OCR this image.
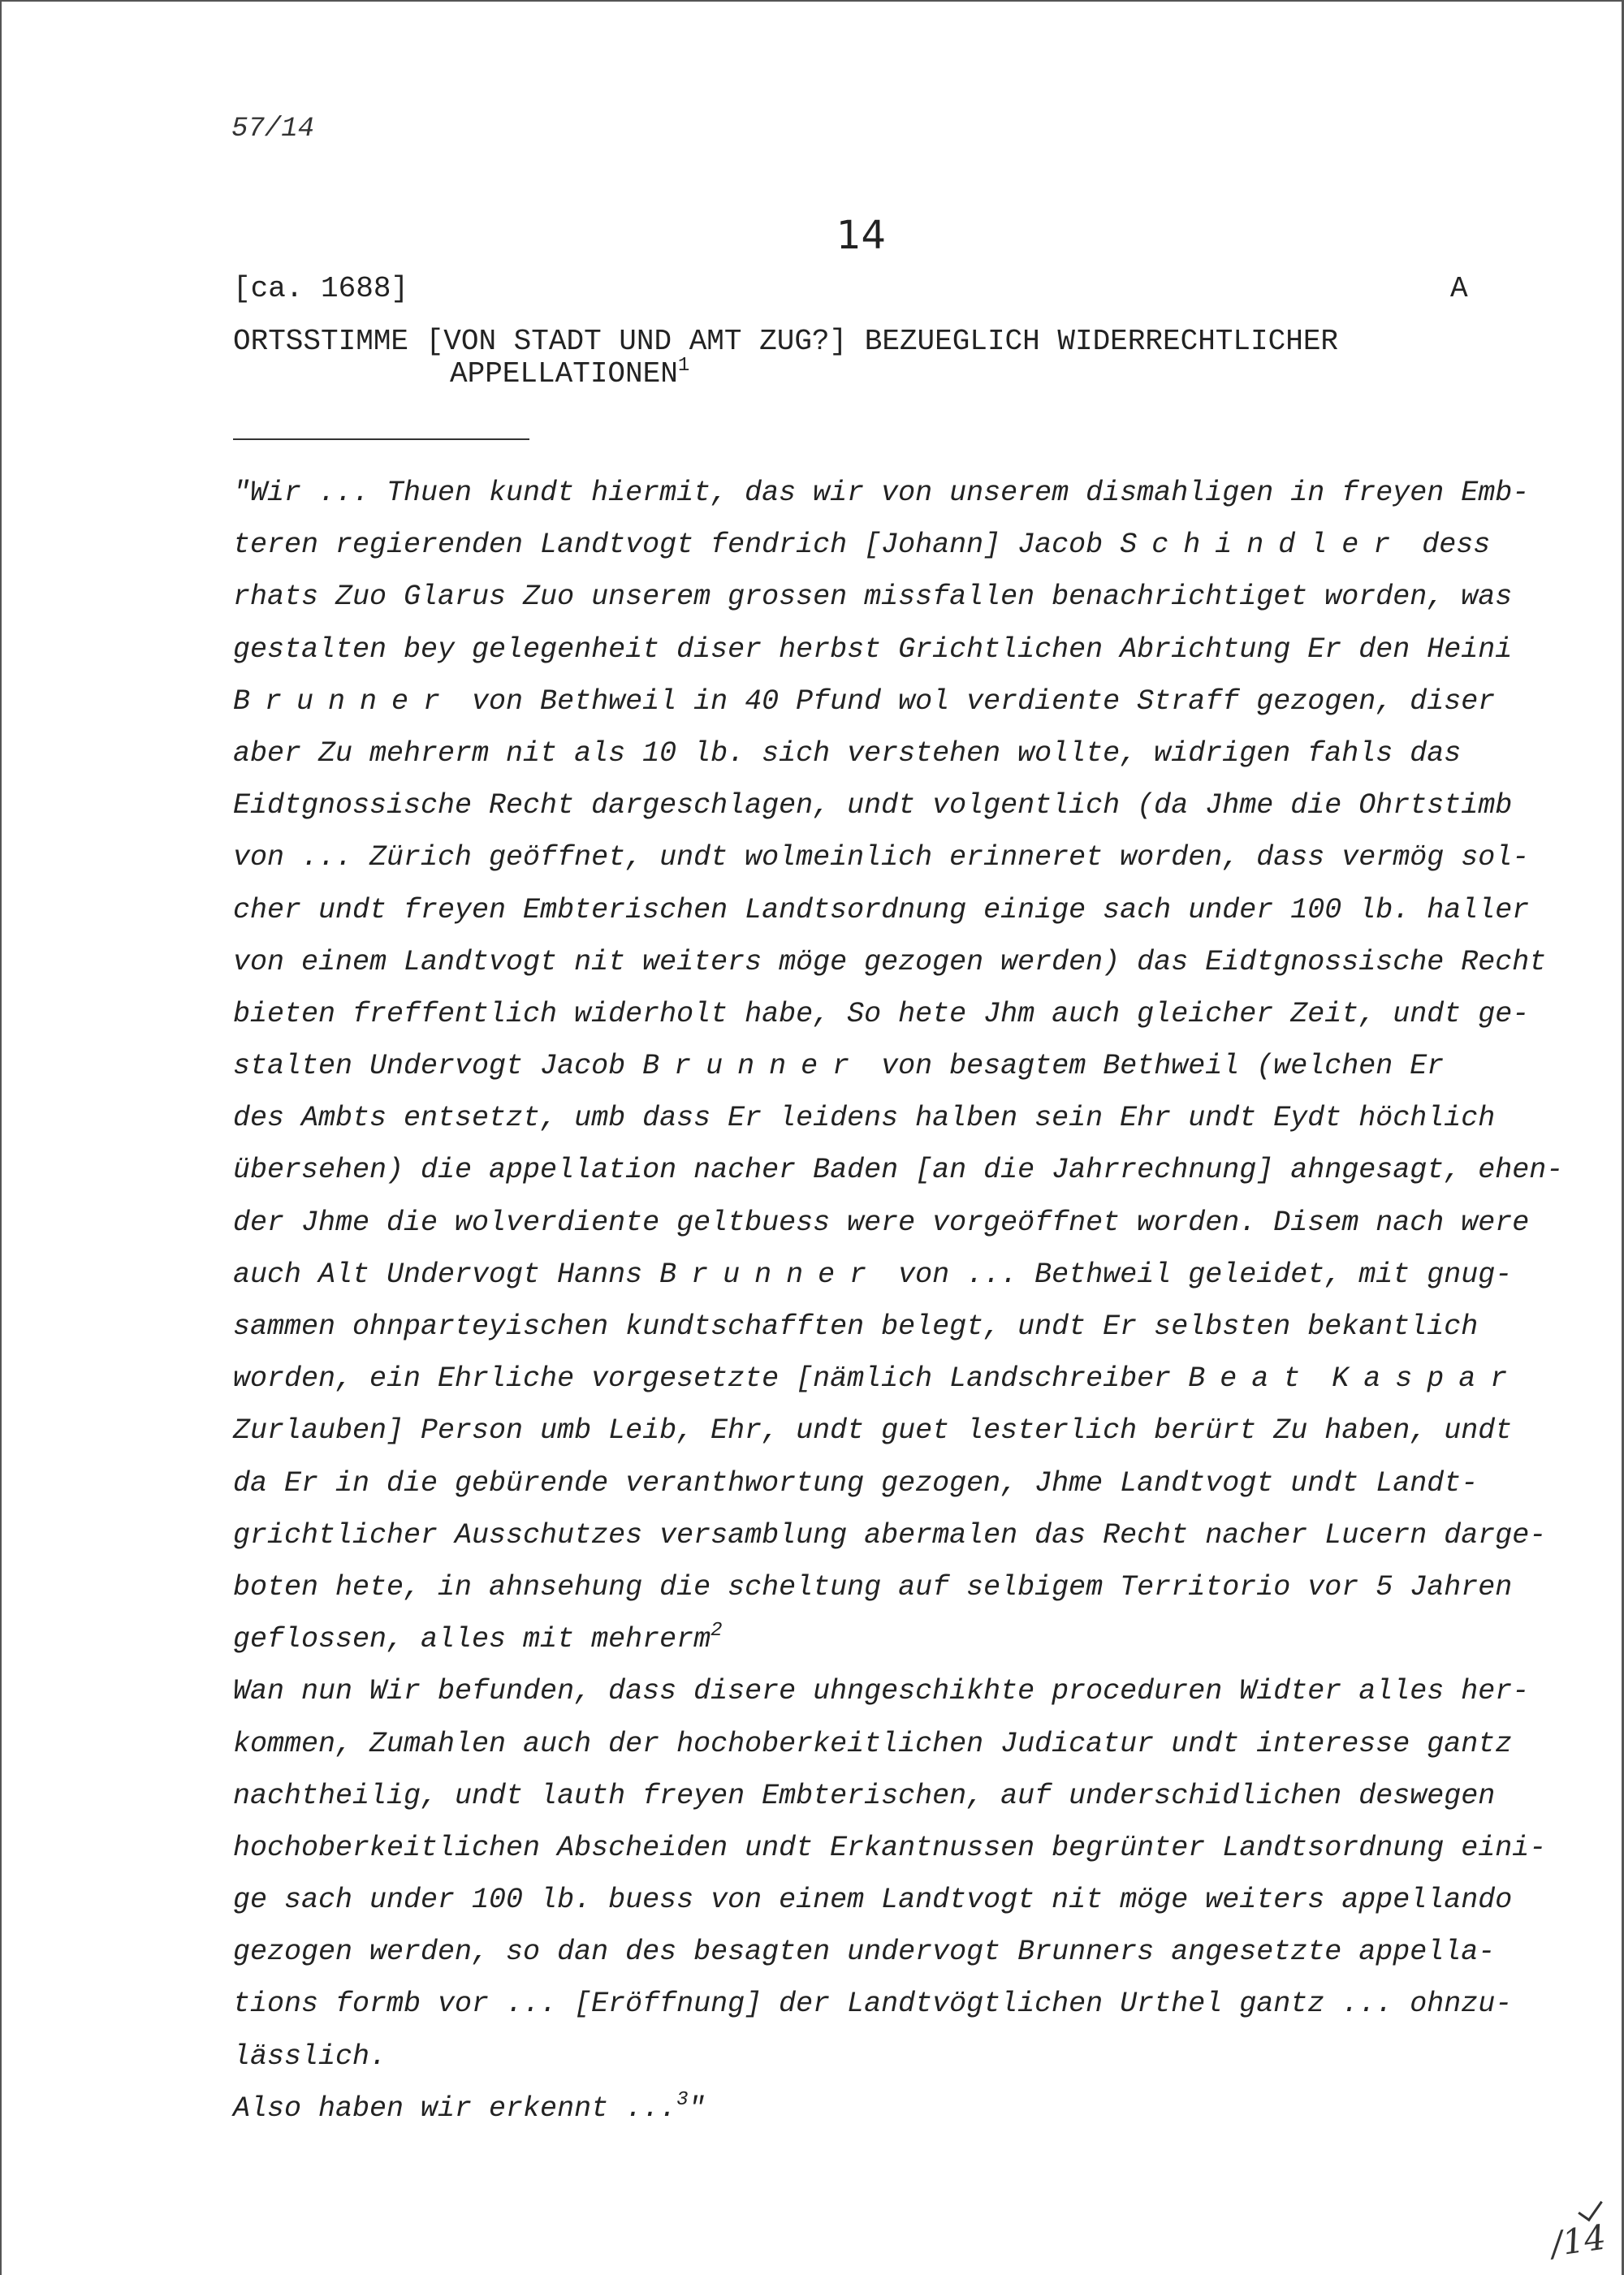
57/14
14
[ca. 1688]	A
ORTSSTIMME [VON STADT UND AMT ZUG?] BEZUEGLICH WIDERRECHTLICHER
APPELLATIONEN$^1$
"Wir ... Thuen kundt hiermit, das wir von unserem dismahligen in freyen Emb-
teren regierenden Landtvogt fendrich [Johann] Jacob Schindler dess
rhats Zuo Glarus Zuo unserem grossen missfallen benachrichtiget worden, was
gestalten bey gelegenheit diser herbst Grichtlichen Abrichtung Er den Heini
Brunner von Bethweil in 40 Pfund wol verdiente Straff gezogen, diser
aber Zu mehrerm nit als 10 lb. sich verstehen wollte, widrigen fahls das
Eidtgnossische Recht dargeschlagen, undt volgentlich (da Jhme die Ohrtstimb
von ... Zürich geöffnet, undt wolmeinlich erinneret worden, dass vermög sol-
cher undt freyen Embterischen Landtsordnung einige sach under 100 lb. haller
von einem Landtvogt nit weiters möge gezogen werden) das Eidtgnossische Recht
bieten freffentlich widerholt habe, So hete Jhm auch gleicher Zeit, undt ge-
stalten Undervogt Jacob Brunner von besagtem Bethweil (welchen Er
des Ambts entsetzt, umb dass Er leidens halben sein Ehr undt Eydt höchlich
übersehen) die appellation nacher Baden [an die Jahrrechnung] ahngesagt, ehen-
der Jhme die wolverdiente geltbuess were vorgeöffnet worden. Disem nach were
auch Alt Undervogt Hanns Brunner von ... Bethweil geleidet, mit gnug-
sammen ohnparteyischen kundtschafften belegt, undt Er selbsten bekantlich
worden, ein Ehrliche vorgesetzte [nämlich Landschreiber Beat Kaspar
Zurlauben] Person umb Leib, Ehr, undt guet lesterlich berürt Zu haben, undt
da Er in die gebürende veranthwortung gezogen, Jhme Landtvogt undt Landt-
grichtlicher Ausschutzes versamblung abermalen das Recht nacher Lucern darge-
boten hete, in ahnsehung die scheltung auf selbigem Territorio vor 5 Jahren
geflossen, alles mit mehrerm$^2$
Wan nun Wir befunden, dass disere uhngeschikhte proceduren Widter alles her-
kommen, Zumahlen auch der hochoberkeitlichen Judicatur undt interesse gantz
nachtheilig, undt lauth freyen Embterischen, auf underschidlichen deswegen
hochoberkeitlichen Abscheiden undt Erkantnussen begrünter Landtsordnung eini-
ge sach under 100 lb. buess von einem Landtvogt nit möge weiters appellando
gezogen werden, so dan des besagten undervogt Brunners angesetzte appella-
tions formb vor ... [Eröffnung] der Landtvögtlichen Urthel gantz ... ohnzu-
lässlich.
Also haben wir erkennt ...$^3$"
/14
